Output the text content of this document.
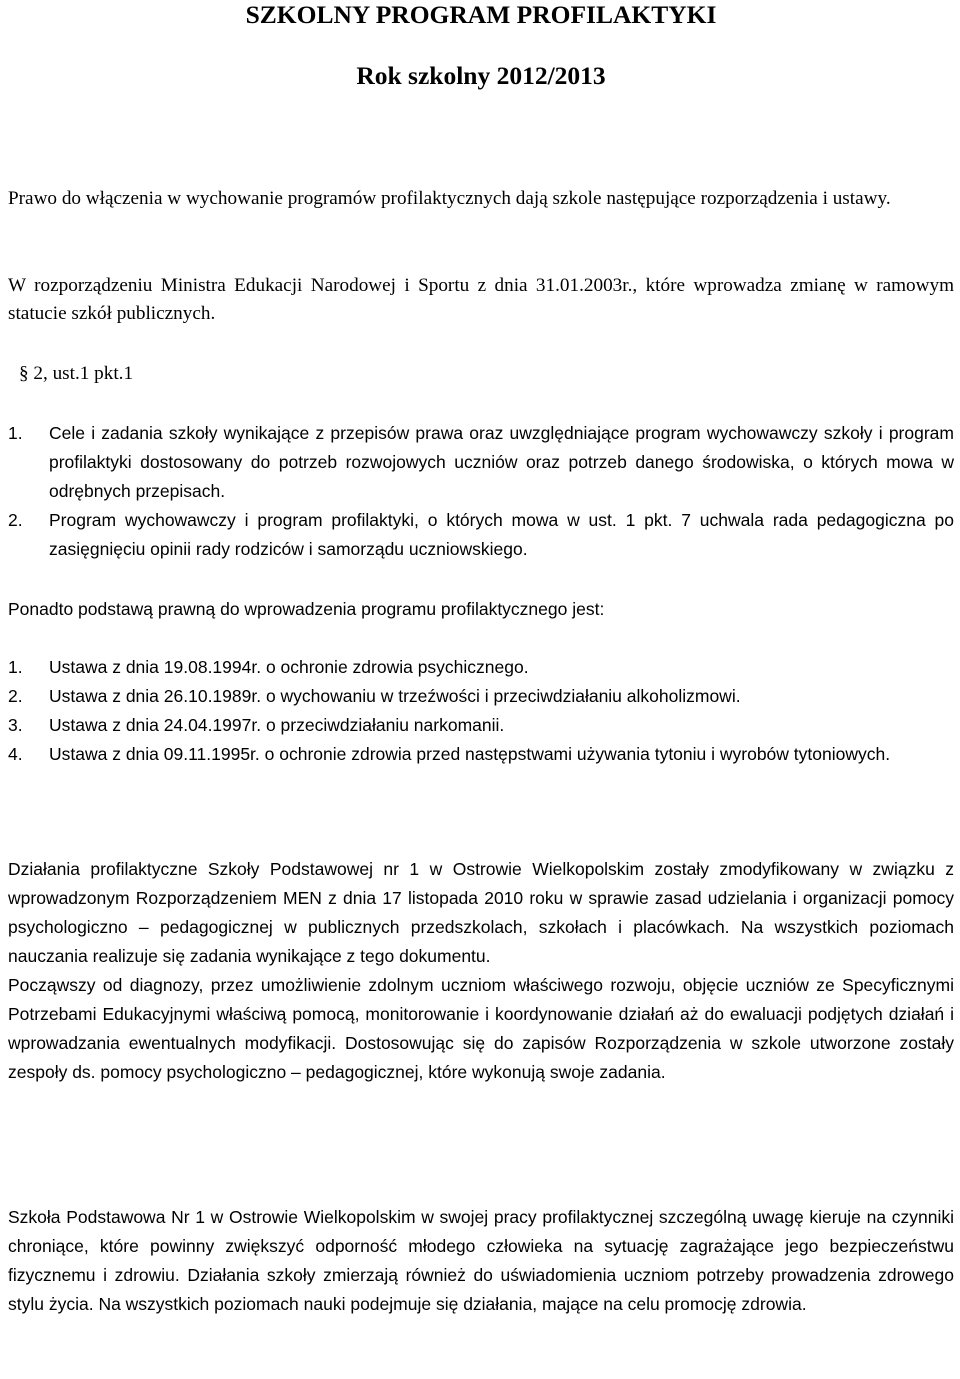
SZKOLNY PROGRAM PROFILAKTYKI
Rok szkolny 2012/2013

Prawo do włączenia w wychowanie programów profilaktycznych dają szkole następujące rozporządzenia i ustawy.

W rozporządzeniu Ministra Edukacji Narodowej i Sportu z dnia 31.01.2003r., które wprowadza zmianę w ramowym statucie szkół publicznych.

§ 2, ust.1 pkt.1

1. Cele i zadania szkoły wynikające z przepisów prawa oraz uwzględniające program wychowawczy szkoły i program profilaktyki dostosowany do potrzeb rozwojowych uczniów oraz potrzeb danego środowiska, o których mowa w odrębnych przepisach.
2. Program wychowawczy i program profilaktyki, o których mowa w ust. 1 pkt. 7 uchwala rada pedagogiczna po zasięgnięciu opinii rady rodziców i samorządu uczniowskiego.

Ponadto podstawą prawną do wprowadzenia programu profilaktycznego jest:

1. Ustawa z dnia 19.08.1994r. o ochronie zdrowia psychicznego.
2. Ustawa z dnia 26.10.1989r. o wychowaniu w trzeźwości i przeciwdziałaniu alkoholizmowi.
3. Ustawa z dnia 24.04.1997r. o przeciwdziałaniu narkomanii.
4. Ustawa z dnia 09.11.1995r. o ochronie zdrowia przed następstwami używania tytoniu i wyrobów tytoniowych.

Działania profilaktyczne Szkoły Podstawowej nr 1 w Ostrowie Wielkopolskim zostały zmodyfikowany w związku z wprowadzonym Rozporządzeniem MEN z dnia 17 listopada 2010 roku w sprawie zasad udzielania i organizacji pomocy psychologiczno – pedagogicznej w publicznych przedszkolach, szkołach i placówkach. Na wszystkich poziomach nauczania realizuje się zadania wynikające z tego dokumentu.

Począwszy od diagnozy, przez umożliwienie zdolnym uczniom właściwego rozwoju, objęcie uczniów ze Specyficznymi Potrzebami Edukacyjnymi właściwą pomocą, monitorowanie i koordynowanie działań aż do ewaluacji podjętych działań i wprowadzania ewentualnych modyfikacji. Dostosowując się do zapisów Rozporządzenia w szkole utworzone zostały zespoły ds. pomocy psychologiczno – pedagogicznej, które wykonują swoje zadania.

Szkoła Podstawowa Nr 1 w Ostrowie Wielkopolskim w swojej pracy profilaktycznej szczególną uwagę kieruje na czynniki chroniące, które powinny zwiększyć odporność młodego człowieka na sytuację zagrażające jego bezpieczeństwu fizycznemu i zdrowiu. Działania szkoły zmierzają również do uświadomienia uczniom potrzeby prowadzenia zdrowego stylu życia. Na wszystkich poziomach nauki podejmuje się działania, mające na celu promocję zdrowia.
